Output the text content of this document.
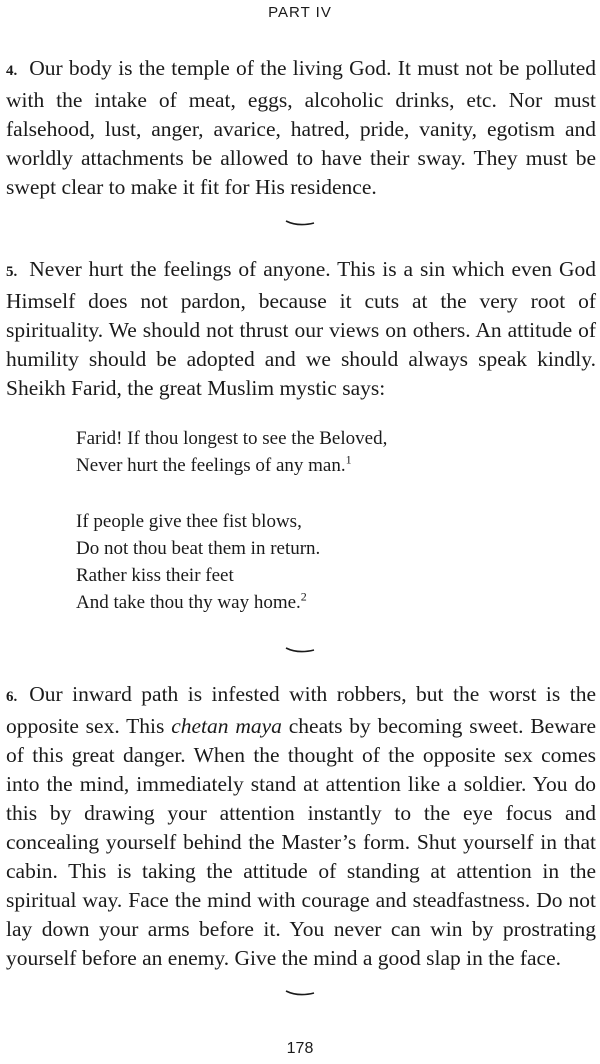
PART IV

4. Our body is the temple of the living God. It must not be polluted with the intake of meat, eggs, alcoholic drinks, etc. Nor must falsehood, lust, anger, avarice, hatred, pride, vanity, egotism and worldly attachments be allowed to have their sway. They must be swept clear to make it fit for His residence.

5. Never hurt the feelings of anyone. This is a sin which even God Himself does not pardon, because it cuts at the very root of spirituality. We should not thrust our views on others. An attitude of humility should be adopted and we should always speak kindly. Sheikh Farid, the great Muslim mystic says:

Farid! If thou longest to see the Beloved,
Never hurt the feelings of any man.$^1$
If people give thee fist blows,
Do not thou beat them in return.
Rather kiss their feet
And take thou thy way home.$^2$

6. Our inward path is infested with robbers, but the worst is the opposite sex. This chetan maya cheats by becoming sweet. Beware of this great danger. When the thought of the opposite sex comes into the mind, immediately stand at attention like a soldier. You do this by drawing your attention instantly to the eye focus and concealing yourself behind the Master’s form. Shut yourself in that cabin. This is taking the attitude of standing at attention in the spiritual way. Face the mind with courage and steadfastness. Do not lay down your arms before it. You never can win by prostrating yourself before an enemy. Give the mind a good slap in the face.

178
